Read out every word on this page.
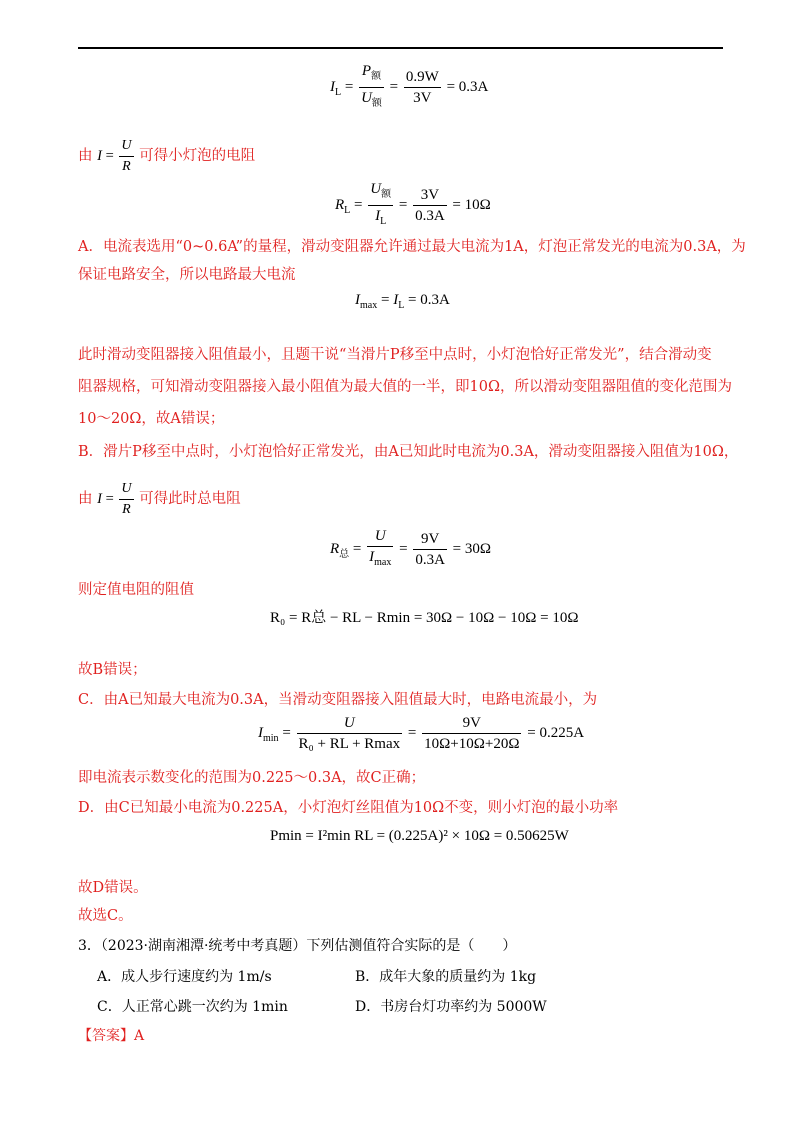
$I_L = \frac{P_额}{U_额} = \frac{0.9W}{3V} = 0.3A$
由 $I = \frac{U}{R}$ 可得小灯泡的电阻
$R_L = \frac{U_额}{I_L} = \frac{3V}{0.3A} = 10\Omega$
A．电流表选用“0~0.6A”的量程，滑动变阻器允许通过最大电流为1A，灯泡正常发光的电流为0.3A，为
保证电路安全，所以电路最大电流
$I_{max} = I_L = 0.3A$
此时滑动变阻器接入阻值最小，且题干说“当滑片P移至中点时，小灯泡恰好正常发光”，结合滑动变
阻器规格，可知滑动变阻器接入最小阻值为最大值的一半，即10Ω，所以滑动变阻器阻值的变化范围为
10～20Ω，故A错误；
B．滑片P移至中点时，小灯泡恰好正常发光，由A已知此时电流为0.3A，滑动变阻器接入阻值为10Ω，
由 $I = \frac{U}{R}$ 可得此时总电阻
$R_总 = \frac{U}{I_{max}} = \frac{9V}{0.3A} = 30\Omega$
则定值电阻的阻值
R₀ = R总 − RL − Rmin = 30Ω − 10Ω − 10Ω = 10Ω
故B错误；
C．由A已知最大电流为0.3A，当滑动变阻器接入阻值最大时，电路电流最小，为
$I_{min} = \frac{U}{\text{R₀ + RL + Rmax}} = \frac{9V}{10\Omega+10\Omega+20\Omega} = 0.225A$
即电流表示数变化的范围为0.225～0.3A，故C正确；
D．由C已知最小电流为0.225A，小灯泡灯丝阻值为10Ω不变，则小灯泡的最小功率
Pmin = I²min RL = (0.225A)² × 10Ω = 0.50625W
故D错误。
故选C。
3．（2023·湖南湘潭·统考中考真题）下列估测值符合实际的是（　　）
A．成人步行速度约为 1m/s	B．成年大象的质量约为 1kg
C．人正常心跳一次约为 1min	D．书房台灯功率约为 5000W
【答案】A
